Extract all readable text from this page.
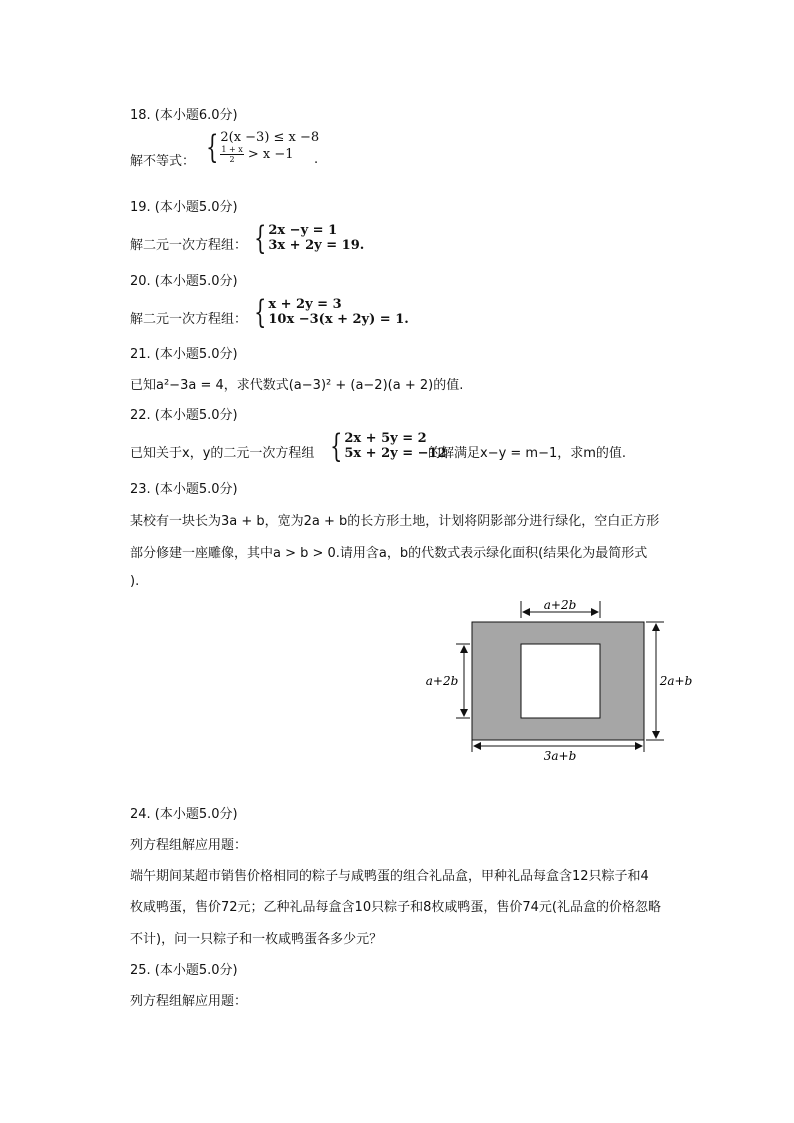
18. (本小题6.0分)
解不等式： { 2(x −3) ≤ x −8
$\frac{1 + x}{2} > x -1$	.
19. (本小题5.0分)
解二元一次方程组： { 2x −y = 1
3x + 2y = 19.
20. (本小题5.0分)
解二元一次方程组： { x + 2y = 3
10x −3(x + 2y) = 1.
21. (本小题5.0分)
已知a²−3a = 4，求代数式(a−3)² + (a−2)(a + 2)的值.
22. (本小题5.0分)
已知关于x，y的二元一次方程组 { 2x + 5y = 2
5x + 2y = −12
的解满足x−y = m−1，求m的值.
23. (本小题5.0分)
某校有一块长为3a + b，宽为2a + b的长方形土地，计划将阴影部分进行绿化，空白正方形
部分修建一座雕像，其中a > b > 0.请用含a，b的代数式表示绿化面积(结果化为最简形式
).
a+2b
a+2b	2a+b
3a+b
24. (本小题5.0分)
列方程组解应用题：
端午期间某超市销售价格相同的粽子与咸鸭蛋的组合礼品盒，甲种礼品每盒含12只粽子和4
枚咸鸭蛋，售价72元；乙种礼品每盒含10只粽子和8枚咸鸭蛋，售价74元(礼品盒的价格忽略
不计)，问一只粽子和一枚咸鸭蛋各多少元？
25. (本小题5.0分)
列方程组解应用题：
